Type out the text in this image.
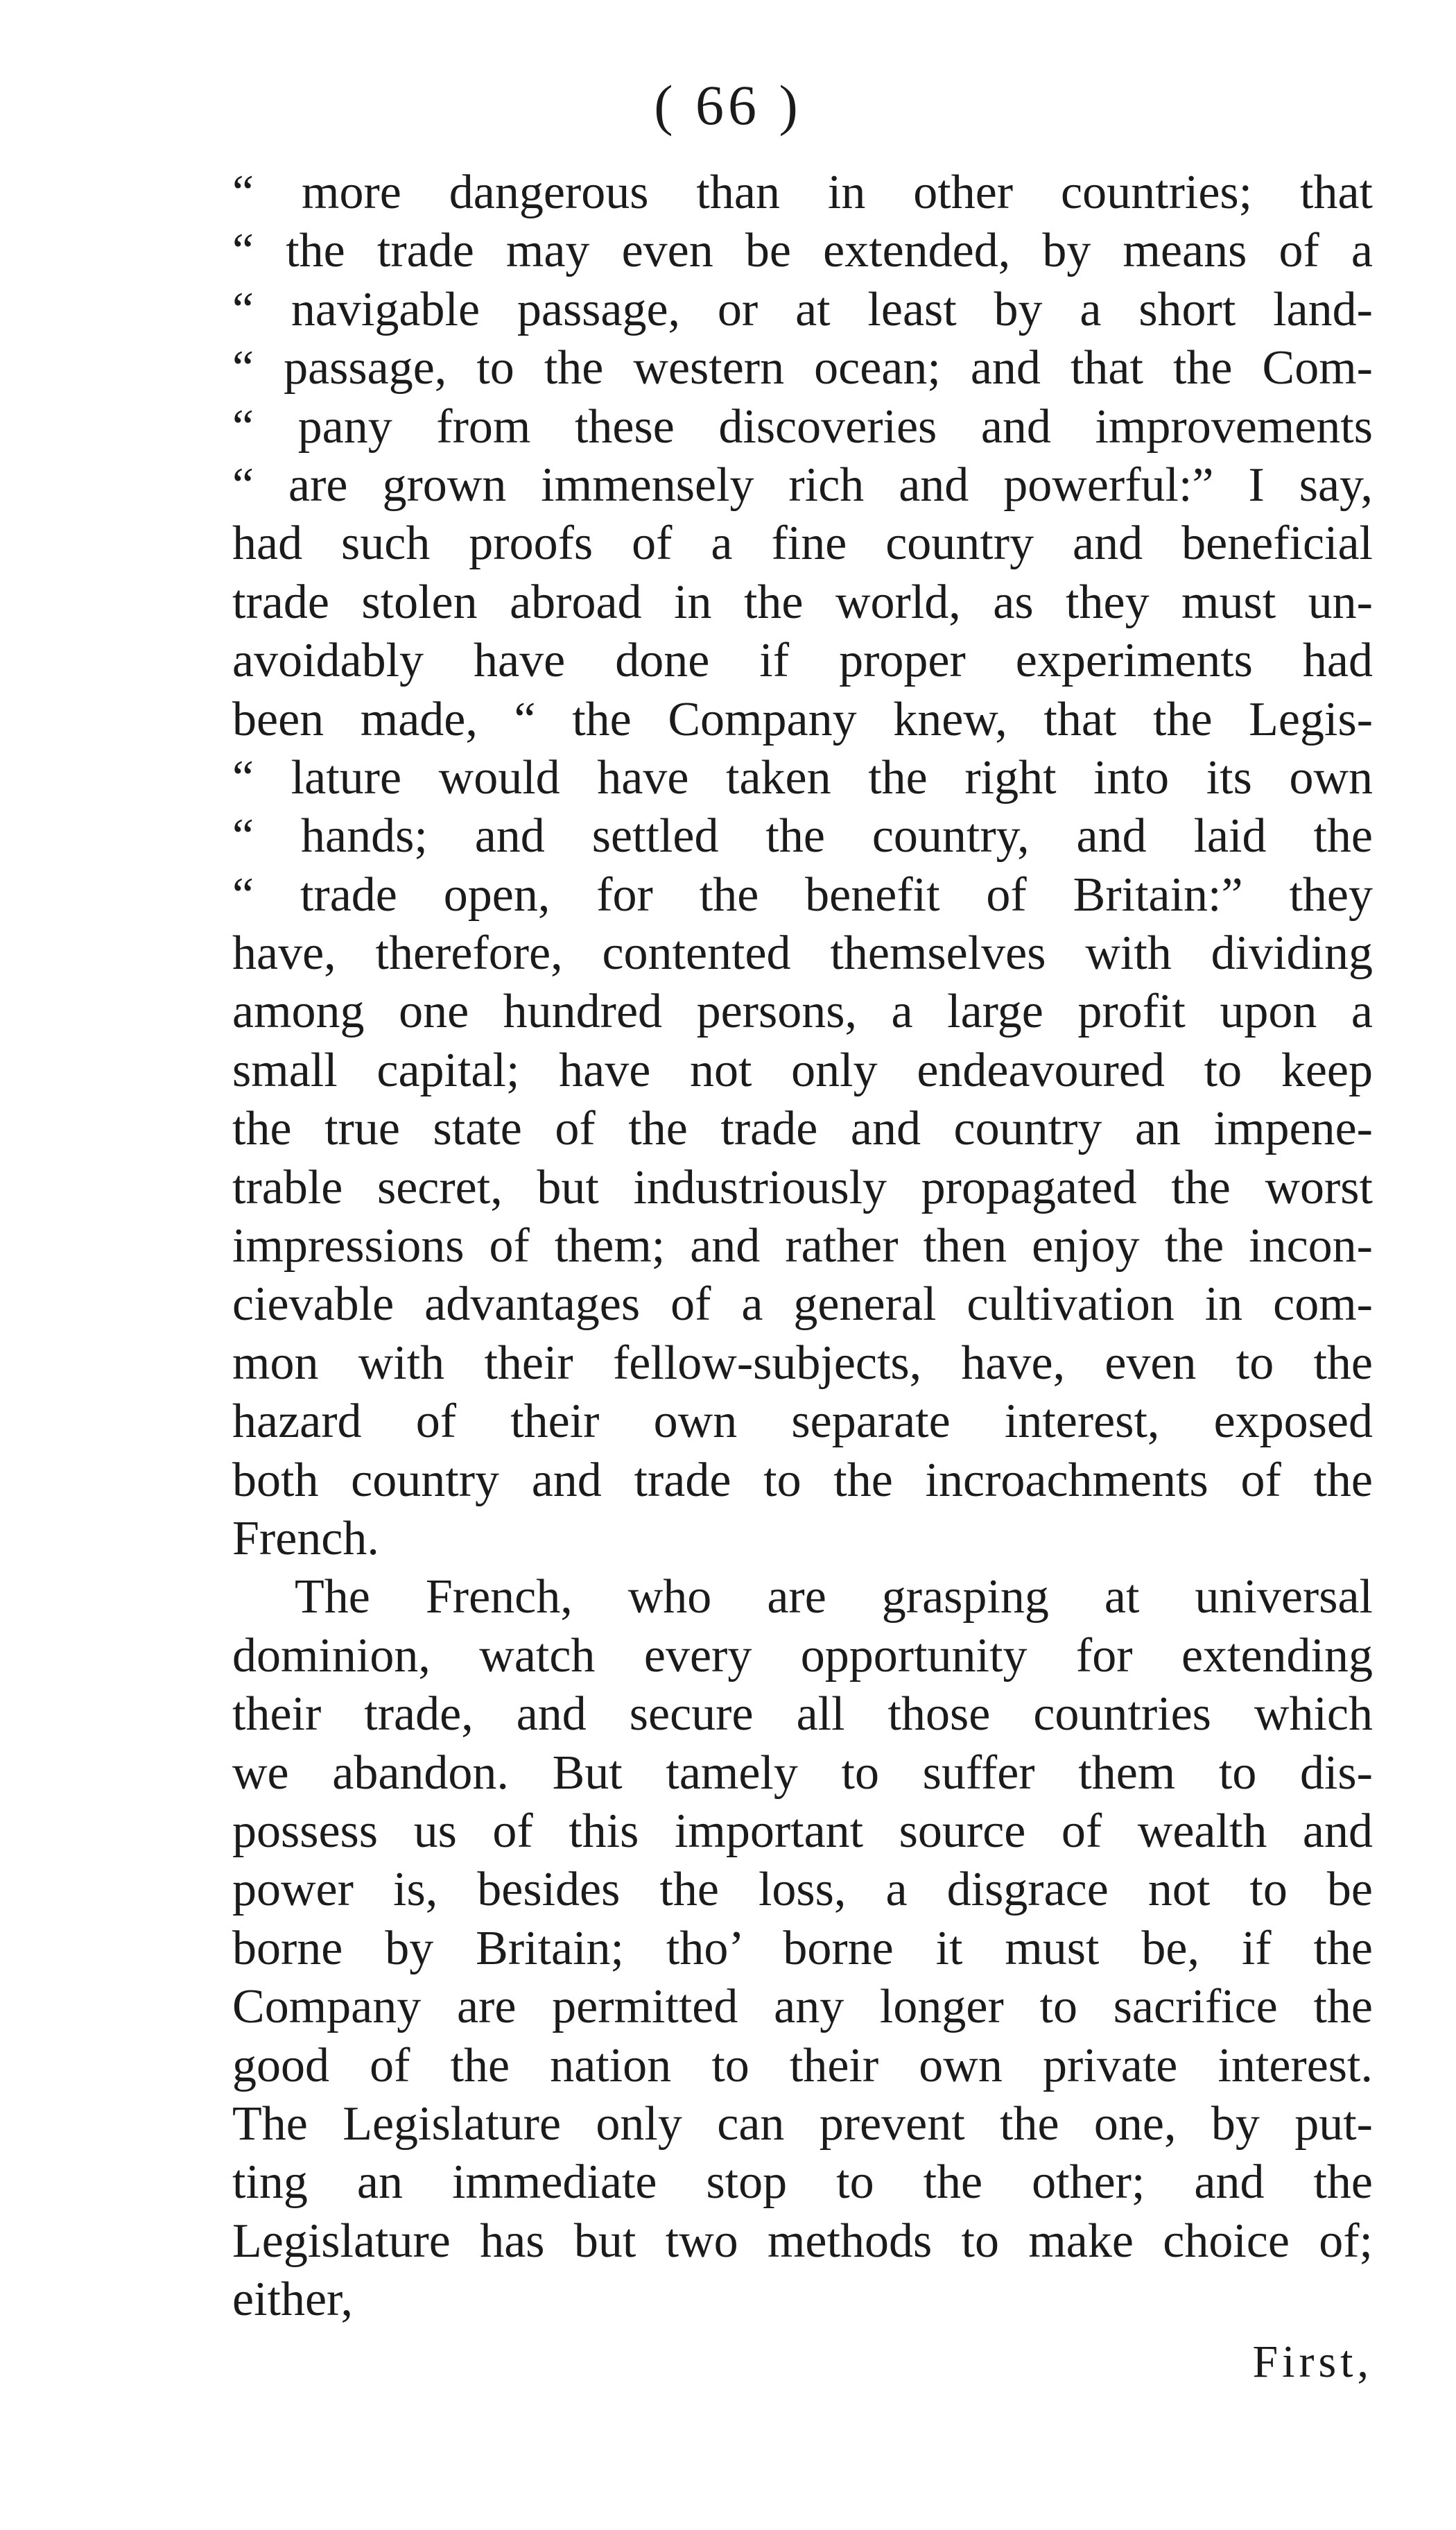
( 66 )
“ more dangerous than in other countries; that
“ the trade may even be extended, by means of a
“ navigable passage, or at least by a short land-
“ passage, to the western ocean; and that the Com-
“ pany from these discoveries and improvements
“ are grown immensely rich and powerful:” I say,
had such proofs of a fine country and beneficial
trade stolen abroad in the world, as they must un-
avoidably have done if proper experiments had
been made, “ the Company knew, that the Legis-
“ lature would have taken the right into its own
“ hands; and settled the country, and laid the
“ trade open, for the benefit of Britain:” they
have, therefore, contented themselves with dividing
among one hundred persons, a large profit upon a
small capital; have not only endeavoured to keep
the true state of the trade and country an impene-
trable secret, but industriously propagated the worst
impressions of them; and rather then enjoy the incon-
cievable advantages of a general cultivation in com-
mon with their fellow-subjects, have, even to the
hazard of their own separate interest, exposed
both country and trade to the incroachments of the
French.
The French, who are grasping at universal
dominion, watch every opportunity for extending
their trade, and secure all those countries which
we abandon. But tamely to suffer them to dis-
possess us of this important source of wealth and
power is, besides the loss, a disgrace not to be
borne by Britain; tho’ borne it must be, if the
Company are permitted any longer to sacrifice the
good of the nation to their own private interest.
The Legislature only can prevent the one, by put-
ting an immediate stop to the other; and the
Legislature has but two methods to make choice of;
either,
First,
